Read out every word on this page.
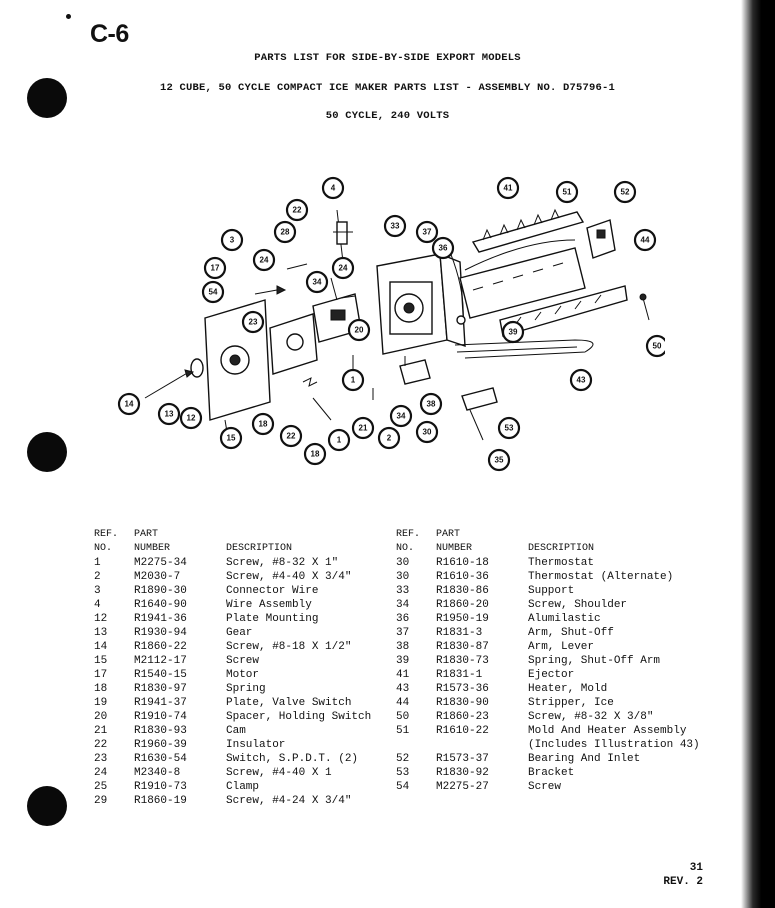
C-6
PARTS LIST FOR SIDE-BY-SIDE EXPORT MODELS
12 CUBE, 50 CYCLE COMPACT ICE MAKER PARTS LIST - ASSEMBLY NO. D75796-1
50 CYCLE, 240 VOLTS
4	41	51	52
22
28
24
33
37
36
44
3
24
34
17
54
23
20	39
50
1	43
14
13 12
15
18
22
18
1
21
2
34
30
38
53
35
REF.
NO.
PART
NUMBER	DESCRIPTION
1	M2275-34	Screw, #8-32 X 1"
2	M2030-7	Screw, #4-40 X 3/4"
3	R1890-30	Connector Wire
4	R1640-90	Wire Assembly
12	R1941-36	Plate Mounting
13	R1930-94	Gear
14	R1860-22	Screw, #8-18 X 1/2"
15	M2112-17	Screw
17	R1540-15	Motor
18	R1830-97	Spring
19	R1941-37	Plate, Valve Switch
20	R1910-74	Spacer, Holding Switch
21	R1830-93	Cam
22	R1960-39	Insulator
23	R1630-54	Switch, S.P.D.T. (2)
24	M2340-8	Screw, #4-40 X 1
25	R1910-73	Clamp
29	R1860-19	Screw, #4-24 X 3/4"
REF.
NO.
PART
NUMBER	DESCRIPTION
30	R1610-18	Thermostat
30	R1610-36	Thermostat (Alternate)
33	R1830-86	Support
34	R1860-20	Screw, Shoulder
36	R1950-19	Alumilastic
37	R1831-3	Arm, Shut-Off
38	R1830-87	Arm, Lever
39	R1830-73	Spring, Shut-Off Arm
41	R1831-1	Ejector
43	R1573-36	Heater, Mold
44	R1830-90	Stripper, Ice
50	R1860-23	Screw, #8-32 X 3/8"
51	R1610-22	Mold And Heater Assembly
(Includes Illustration 43)
52	R1573-37	Bearing And Inlet
53	R1830-92	Bracket
54	M2275-27	Screw
31
REV. 2
